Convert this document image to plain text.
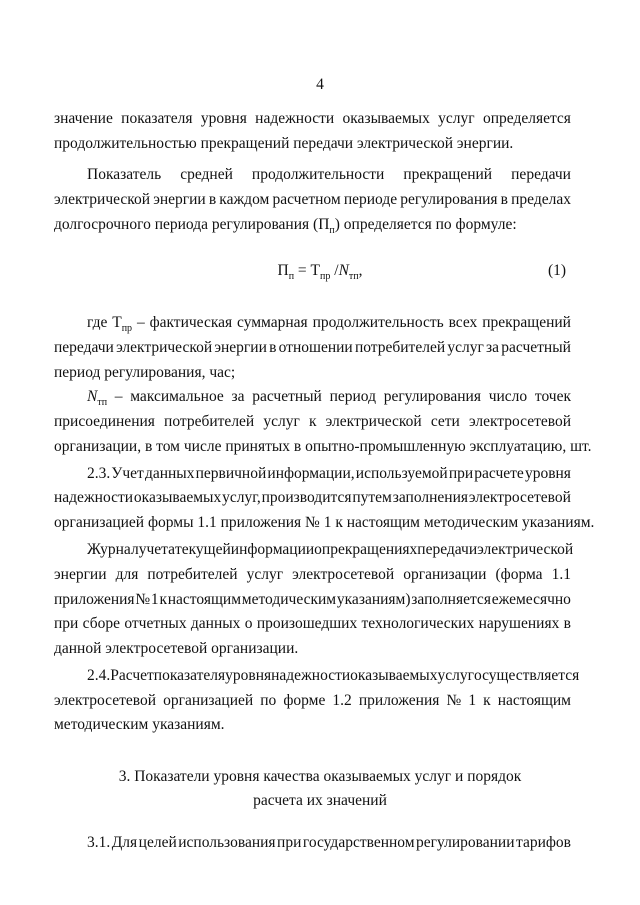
4
значение показателя уровня надежности оказываемых услуг определяется
продолжительностью прекращений передачи электрической энергии.
Показатель средней продолжительности прекращений передачи
электрической энергии в каждом расчетном периоде регулирования в пределах
долгосрочного периода регулирования $(П_п)$ определяется по формуле:
$П_п = Т_{пр}$ $/N_{тп}$,	(1)
где $Т_{пр}$ – фактическая суммарная продолжительность всех прекращений
передачи электрической энергии в отношении потребителей услуг за расчетный
период регулирования, час;
$N_{тп}$ – максимальное за расчетный период регулирования число точек
присоединения потребителей услуг к электрической сети электросетевой
организации, в том числе принятых в опытно-промышленную эксплуатацию, шт.
2.3. Учет данных первичной информации, используемой при расчете уровня
надежности оказываемых услуг, производится путем заполнения электросетевой
организацией формы 1.1 приложения № 1 к настоящим методическим указаниям.
Журнал учета текущей информации о прекращениях передачи электрической
энергии для потребителей услуг электросетевой организации (форма 1.1
приложения № 1 к настоящим методическим указаниям) заполняется ежемесячно
при сборе отчетных данных о произошедших технологических нарушениях в
данной электросетевой организации.
2.4. Расчет показателя уровня надежности оказываемых услуг осуществляется
электросетевой организацией по форме 1.2 приложения № 1 к настоящим
методическим указаниям.
3. Показатели уровня качества оказываемых услуг и порядок
расчета их значений
3.1. Для целей использования при государственном регулировании тарифов
